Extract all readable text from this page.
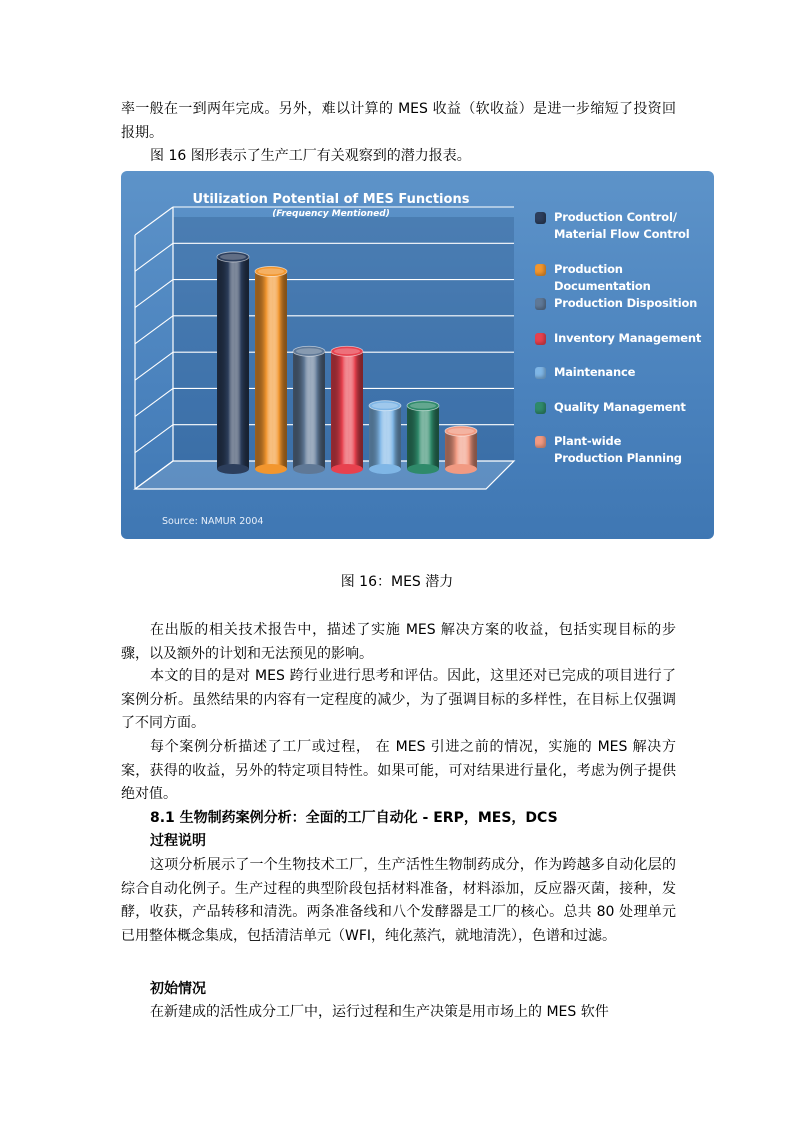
率一般在一到两年完成。另外，难以计算的 MES 收益（软收益）是进一步缩短了投资回报期。

图 16 图形表示了生产工厂有关观察到的潜力报表。

Utilization Potential of MES Functions
(Frequency Mentioned)	Production Control/
Material Flow Control
Production Documentation
Production Disposition
Inventory Management
Maintenance
Quality Management
Plant-wide
Production Planning
Source: NAMUR 2004
图 16：MES 潜力

在出版的相关技术报告中，描述了实施 MES 解决方案的收益，包括实现目标的步骤，以及额外的计划和无法预见的影响。

本文的目的是对 MES 跨行业进行思考和评估。因此，这里还对已完成的项目进行了案例分析。虽然结果的内容有一定程度的减少，为了强调目标的多样性，在目标上仅强调了不同方面。

每个案例分析描述了工厂或过程， 在 MES 引进之前的情况，实施的 MES 解决方案，获得的收益，另外的特定项目特性。如果可能，可对结果进行量化，考虑为例子提供绝对值。

8.1 生物制药案例分析：全面的工厂自动化 - ERP，MES，DCS

过程说明

这项分析展示了一个生物技术工厂，生产活性生物制药成分，作为跨越多自动化层的综合自动化例子。生产过程的典型阶段包括材料准备，材料添加，反应器灭菌，接种，发酵，收获，产品转移和清洗。两条准备线和八个发酵器是工厂的核心。总共 80 处理单元已用整体概念集成，包括清洁单元（WFI，纯化蒸汽，就地清洗），色谱和过滤。

初始情况

在新建成的活性成分工厂中，运行过程和生产决策是用市场上的 MES 软件
